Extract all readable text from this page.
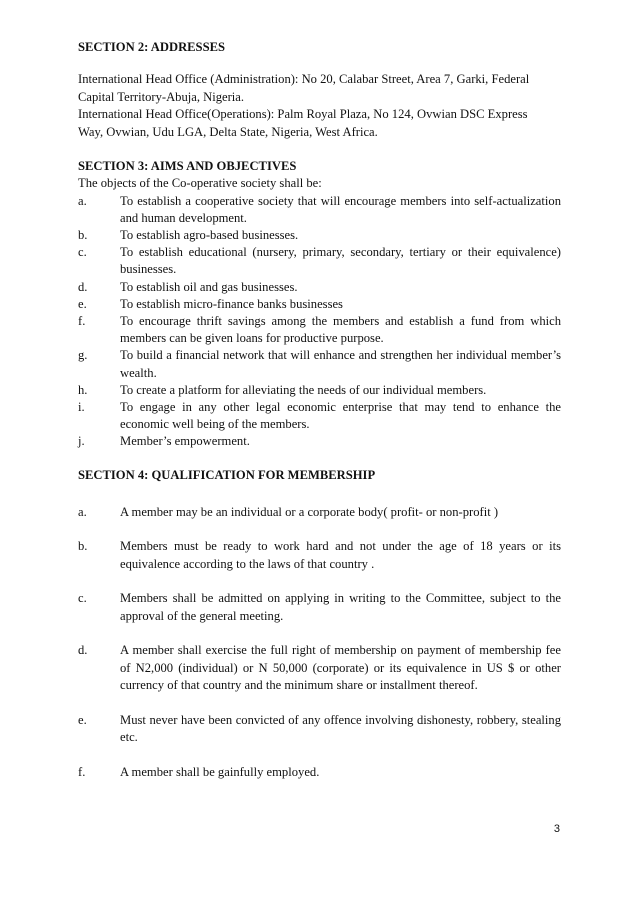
SECTION 2: ADDRESSES

International Head Office (Administration): No 20, Calabar Street, Area 7, Garki, Federal

Capital Territory-Abuja, Nigeria.

International Head Office(Operations): Palm Royal Plaza, No 124, Ovwian DSC Express

Way, Ovwian, Udu LGA, Delta State, Nigeria, West Africa.

SECTION 3: AIMS AND OBJECTIVES

The objects of the Co-operative society shall be:

a.	To establish a cooperative society that will encourage members into self-actualization and human development.
b.	To establish agro-based businesses.
c.	To establish educational (nursery, primary, secondary, tertiary or their equivalence) businesses.
d.	To establish oil and gas businesses.
e.	To establish micro-finance banks businesses
f.	To encourage thrift savings among the members and establish a fund from which members can be given loans for productive purpose.
g.	To build a financial network that will enhance and strengthen her individual member’s wealth.
h.	To create a platform for alleviating the needs of our individual members.
i.	To engage in any other legal economic enterprise that may tend to enhance the economic well being of the members.
j.	Member’s empowerment.

SECTION 4: QUALIFICATION FOR MEMBERSHIP

a.	A member may be an individual or a corporate body( profit- or non-profit )
b.	Members must be ready to work hard and not under the age of 18 years or its equivalence according to the laws of that country .
c.	Members shall be admitted on applying in writing to the Committee, subject to the approval of the general meeting.
d.	A member shall exercise the full right of membership on payment of membership fee of N2,000 (individual) or N 50,000 (corporate) or its equivalence in US $ or other currency of that country and the minimum share or installment thereof.
e.	Must never have been convicted of any offence involving dishonesty, robbery, stealing etc.
f.	A member shall be gainfully employed.
3
